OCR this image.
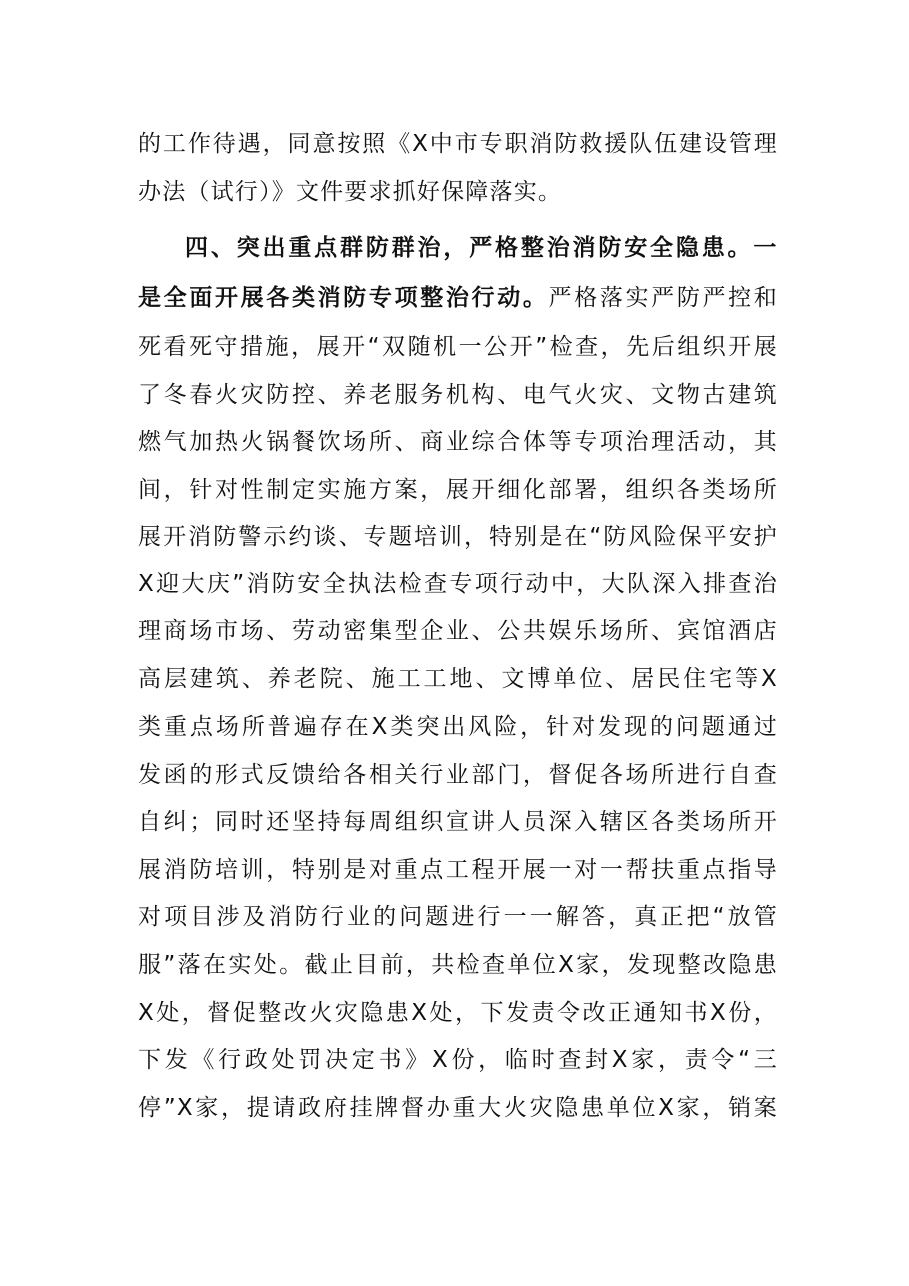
的工作待遇，同意按照《X中市专职消防救援队伍建设管理
办法（试行）》文件要求抓好保障落实。
四、突出重点群防群治，严格整治消防安全隐患。一
是全面开展各类消防专项整治行动。严格落实严防严控和
死看死守措施，展开“双随机一公开”检查，先后组织开展
了冬春火灾防控、养老服务机构、电气火灾、文物古建筑
燃气加热火锅餐饮场所、商业综合体等专项治理活动，其
间，针对性制定实施方案，展开细化部署，组织各类场所
展开消防警示约谈、专题培训，特别是在“防风险保平安护
X迎大庆”消防安全执法检查专项行动中，大队深入排查治
理商场市场、劳动密集型企业、公共娱乐场所、宾馆酒店
高层建筑、养老院、施工工地、文博单位、居民住宅等X
类重点场所普遍存在X类突出风险，针对发现的问题通过
发函的形式反馈给各相关行业部门，督促各场所进行自查
自纠；同时还坚持每周组织宣讲人员深入辖区各类场所开
展消防培训，特别是对重点工程开展一对一帮扶重点指导
对项目涉及消防行业的问题进行一一解答，真正把“放管
服”落在实处。截止目前，共检查单位X家，发现整改隐患
X处，督促整改火灾隐患X处，下发责令改正通知书X份，
下发《行政处罚决定书》X份，临时查封X家，责令“三
停”X家，提请政府挂牌督办重大火灾隐患单位X家，销案
